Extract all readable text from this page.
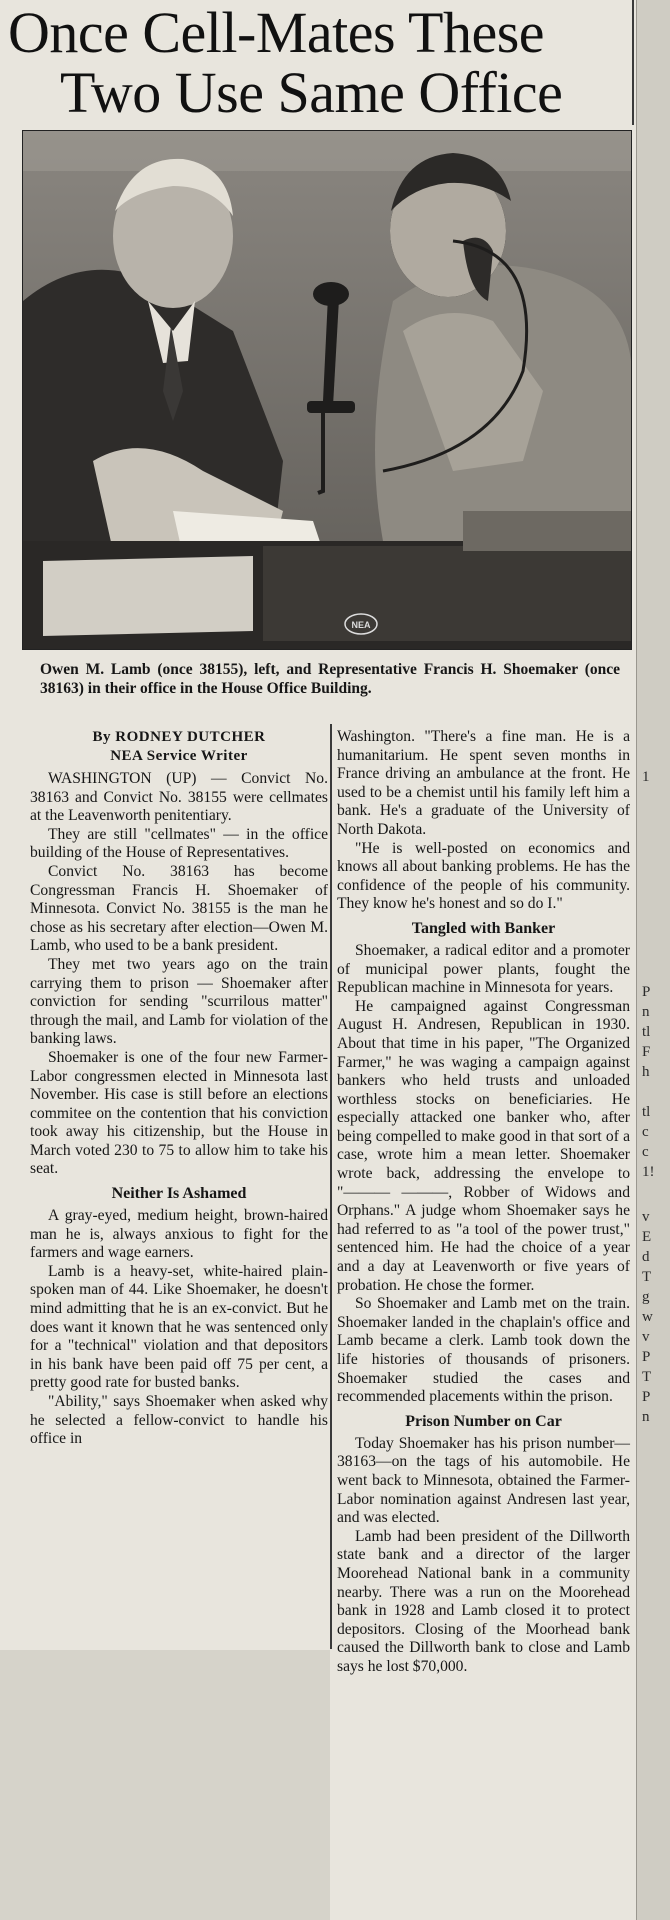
1
P
n
tl
F
h
tl
c
c
1!
v
E
d
T
g
w
v
P
T
P
n
Once Cell-Mates These
Two Use Same Office
NEA
Owen M. Lamb (once 38155), left, and Representative Francis H. Shoemaker (once 38163) in their office in the House Office Building.
By RODNEY DUTCHER
NEA Service Writer

WASHINGTON (UP) — Convict No. 38163 and Convict No. 38155 were cellmates at the Leavenworth penitentiary.

They are still "cellmates" — in the office building of the House of Representatives.

Convict No. 38163 has become Congressman Francis H. Shoemaker of Minnesota. Convict No. 38155 is the man he chose as his secretary after election—Owen M. Lamb, who used to be a bank president.

They met two years ago on the train carrying them to prison — Shoemaker after conviction for sending "scurrilous matter" through the mail, and Lamb for violation of the banking laws.

Shoemaker is one of the four new Farmer-Labor congressmen elected in Minnesota last November. His case is still before an elections commitee on the contention that his conviction took away his citizenship, but the House in March voted 230 to 75 to allow him to take his seat.

Neither Is Ashamed

A gray-eyed, medium height, brown-haired man he is, always anxious to fight for the farmers and wage earners.

Lamb is a heavy-set, white-haired plain-spoken man of 44. Like Shoemaker, he doesn't mind admitting that he is an ex-convict. But he does want it known that he was sentenced only for a "technical" violation and that depositors in his bank have been paid off 75 per cent, a pretty good rate for busted banks.

"Ability," says Shoemaker when asked why he selected a fellow-convict to handle his office in

Washington. "There's a fine man. He is a humanitarium. He spent seven months in France driving an ambulance at the front. He used to be a chemist until his family left him a bank. He's a graduate of the University of North Dakota.

"He is well-posted on economics and knows all about banking problems. He has the confidence of the people of his community. They know he's honest and so do I."

Tangled with Banker

Shoemaker, a radical editor and a promoter of municipal power plants, fought the Republican machine in Minnesota for years.

He campaigned against Congressman August H. Andresen, Republican in 1930. About that time in his paper, "The Organized Farmer," he was waging a campaign against bankers who held trusts and unloaded worthless stocks on beneficiaries. He especially attacked one banker who, after being compelled to make good in that sort of a case, wrote him a mean letter. Shoemaker wrote back, addressing the envelope to "——— ———, Robber of Widows and Orphans." A judge whom Shoemaker says he had referred to as "a tool of the power trust," sentenced him. He had the choice of a year and a day at Leavenworth or five years of probation. He chose the former.

So Shoemaker and Lamb met on the train. Shoemaker landed in the chaplain's office and Lamb became a clerk. Lamb took down the life histories of thousands of prisoners. Shoemaker studied the cases and recommended placements within the prison.

Prison Number on Car

Today Shoemaker has his prison number—38163—on the tags of his automobile. He went back to Minnesota, obtained the Farmer-Labor nomination against Andresen last year, and was elected.

Lamb had been president of the Dillworth state bank and a director of the larger Moorehead National bank in a community nearby. There was a run on the Moorehead bank in 1928 and Lamb closed it to protect depositors. Closing of the Moorhead bank caused the Dillworth bank to close and Lamb says he lost $70,000.
